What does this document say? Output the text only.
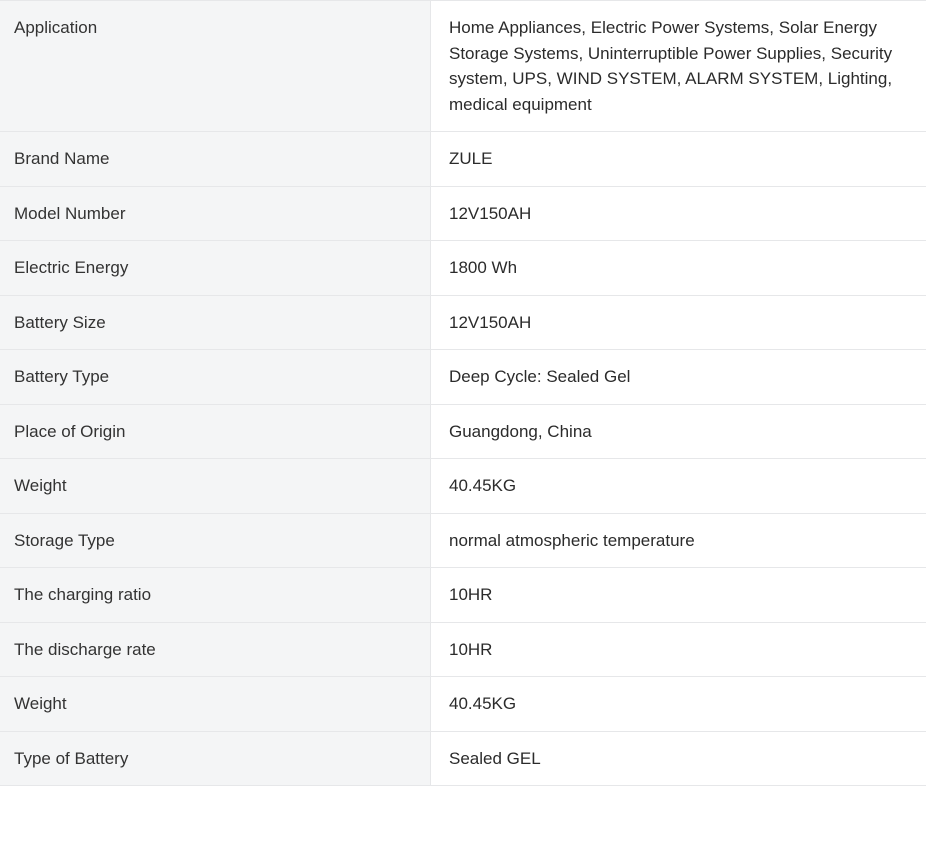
Application	Home Appliances, Electric Power Systems, Solar Energy Storage Systems, Uninterruptible Power Supplies, Security system, UPS, WIND SYSTEM, ALARM SYSTEM, Lighting, medical equipment
Brand Name	ZULE
Model Number	12V150AH
Electric Energy	1800 Wh
Battery Size	12V150AH
Battery Type	Deep Cycle: Sealed Gel
Place of Origin	Guangdong, China
Weight	40.45KG
Storage Type	normal atmospheric temperature
The charging ratio	10HR
The discharge rate	10HR
Weight	40.45KG
Type of Battery	Sealed GEL
